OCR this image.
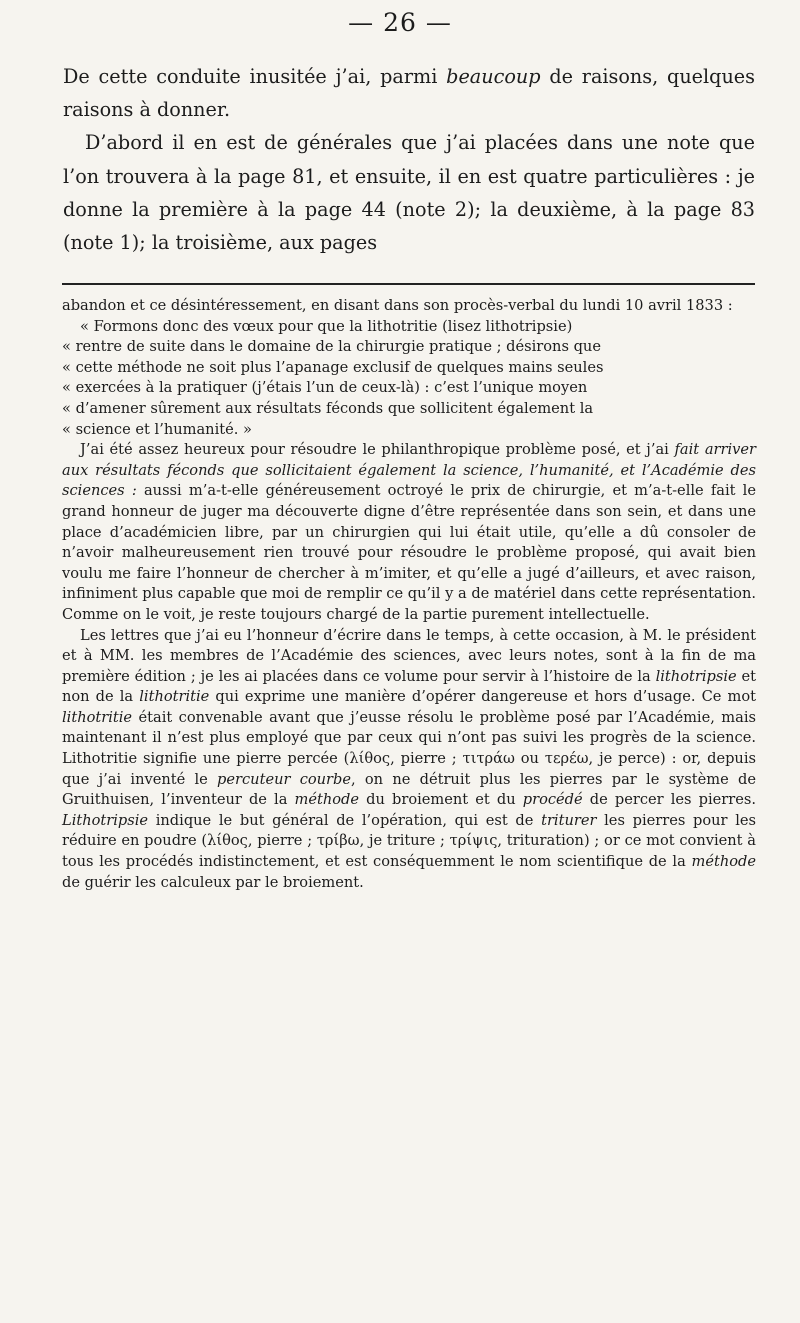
— 26 —

De cette conduite inusitée j’ai, parmi beaucoup de raisons, quelques raisons à donner.

D’abord il en est de générales que j’ai placées dans une note que l’on trouvera à la page 81, et ensuite, il en est quatre particulières : je donne la première à la page 44 (note 2); la deuxième, à la page 83 (note 1); la troisième, aux pages

abandon et ce désintéressement, en disant dans son procès-verbal du lundi 10 avril 1833 :

« Formons donc des vœux pour que la lithotritie (lisez lithotripsie)

« rentre de suite dans le domaine de la chirurgie pratique ; désirons que

« cette méthode ne soit plus l’apanage exclusif de quelques mains seules

« exercées à la pratiquer (j’étais l’un de ceux-là) : c’est l’unique moyen

« d’amener sûrement aux résultats féconds que sollicitent également la

« science et l’humanité. »

J’ai été assez heureux pour résoudre le philanthropique problème posé, et j’ai fait arriver aux résultats féconds que sollicitaient également la science, l’humanité, et l’Académie des sciences : aussi m’a-t-elle généreusement octroyé le prix de chirurgie, et m’a-t-elle fait le grand honneur de juger ma découverte digne d’être représentée dans son sein, et dans une place d’académicien libre, par un chirurgien qui lui était utile, qu’elle a dû consoler de n’avoir malheureusement rien trouvé pour résoudre le problème proposé, qui avait bien voulu me faire l’honneur de chercher à m’imiter, et qu’elle a jugé d’ailleurs, et avec raison, infiniment plus capable que moi de remplir ce qu’il y a de matériel dans cette représentation. Comme on le voit, je reste toujours chargé de la partie purement intellectuelle.

Les lettres que j’ai eu l’honneur d’écrire dans le temps, à cette occasion, à M. le président et à MM. les membres de l’Académie des sciences, avec leurs notes, sont à la fin de ma première édition ; je les ai placées dans ce volume pour servir à l’histoire de la lithotripsie et non de la lithotritie qui exprime une manière d’opérer dangereuse et hors d’usage. Ce mot lithotritie était convenable avant que j’eusse résolu le problème posé par l’Académie, mais maintenant il n’est plus employé que par ceux qui n’ont pas suivi les progrès de la science. Lithotritie signifie une pierre percée (λίθος, pierre ; τιτράω ou τερέω, je perce) : or, depuis que j’ai inventé le percuteur courbe, on ne détruit plus les pierres par le système de Gruithuisen, l’inventeur de la méthode du broiement et du procédé de percer les pierres. Lithotripsie indique le but général de l’opération, qui est de triturer les pierres pour les réduire en poudre (λίθος, pierre ; τρίβω, je triture ; τρίψις, trituration) ; or ce mot convient à tous les procédés indistinctement, et est conséquemment le nom scientifique de la méthode de guérir les calculeux par le broiement.
